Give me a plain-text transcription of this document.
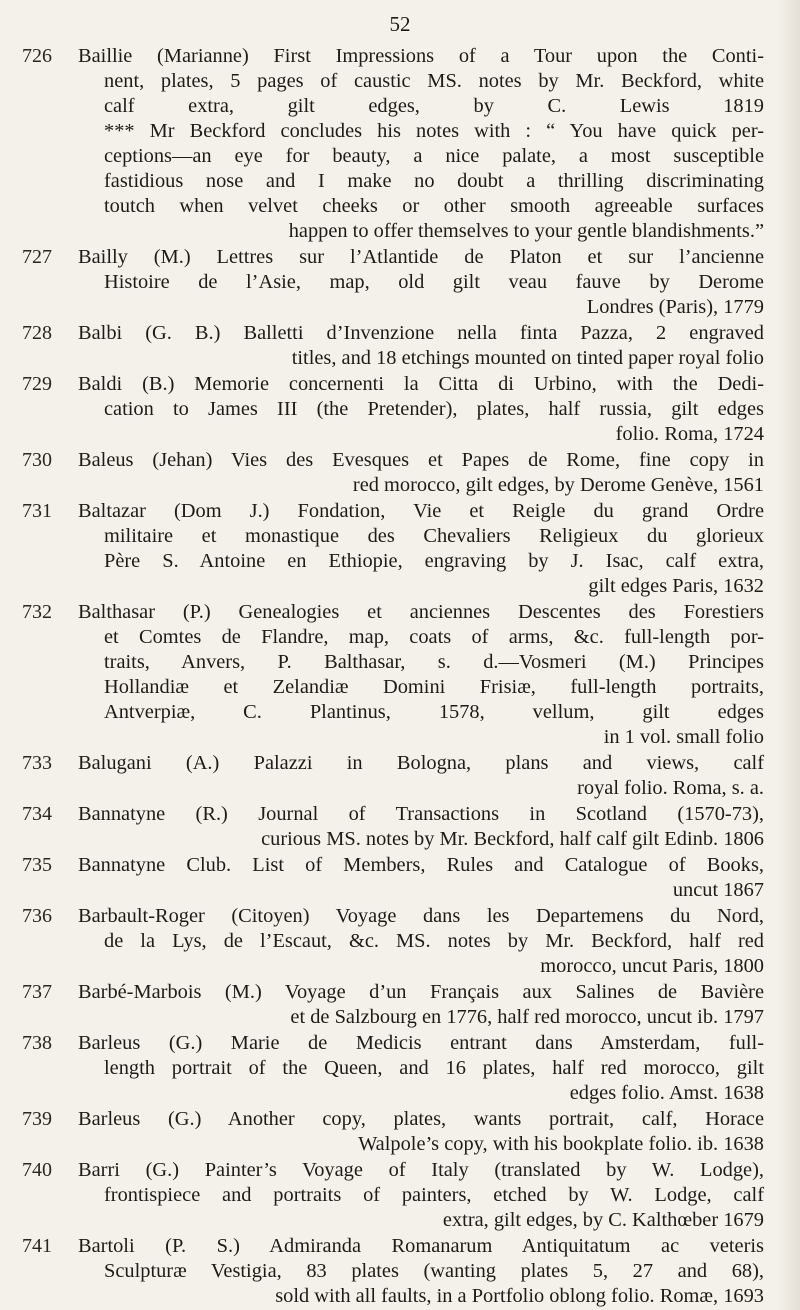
52
726	Baillie (Marianne) First Impressions of a Tour upon the Conti-
nent, plates, 5 pages of caustic MS. notes by Mr. Beckford, white
calf extra, gilt edges, by C. Lewis 1819
*** Mr Beckford concludes his notes with : “ You have quick per-
ceptions—an eye for beauty, a nice palate, a most susceptible
fastidious nose and I make no doubt a thrilling discriminating
toutch when velvet cheeks or other smooth agreeable surfaces
happen to offer themselves to your gentle blandishments.”
727	Bailly (M.) Lettres sur l’Atlantide de Platon et sur l’ancienne
Histoire de l’Asie, map, old gilt veau fauve by Derome
Londres (Paris), 1779
728	Balbi (G. B.) Balletti d’Invenzione nella finta Pazza, 2 engraved
titles, and 18 etchings mounted on tinted paper royal folio
729	Baldi (B.) Memorie concernenti la Citta di Urbino, with the Dedi-
cation to James III (the Pretender), plates, half russia, gilt edges
folio. Roma, 1724
730	Baleus (Jehan) Vies des Evesques et Papes de Rome, fine copy in
red morocco, gilt edges, by Derome Genève, 1561
731	Baltazar (Dom J.) Fondation, Vie et Reigle du grand Ordre
militaire et monastique des Chevaliers Religieux du glorieux
Père S. Antoine en Ethiopie, engraving by J. Isac, calf extra,
gilt edges Paris, 1632
732	Balthasar (P.) Genealogies et anciennes Descentes des Forestiers
et Comtes de Flandre, map, coats of arms, &c. full-length por-
traits, Anvers, P. Balthasar, s. d.—Vosmeri (M.) Principes
Hollandiæ et Zelandiæ Domini Frisiæ, full-length portraits,
Antverpiæ, C. Plantinus, 1578, vellum, gilt edges
in 1 vol. small folio
733	Balugani (A.) Palazzi in Bologna, plans and views, calf
royal folio. Roma, s. a.
734	Bannatyne (R.) Journal of Transactions in Scotland (1570-73),
curious MS. notes by Mr. Beckford, half calf gilt Edinb. 1806
735	Bannatyne Club. List of Members, Rules and Catalogue of Books,
uncut 1867
736	Barbault-Roger (Citoyen) Voyage dans les Departemens du Nord,
de la Lys, de l’Escaut, &c. MS. notes by Mr. Beckford, half red
morocco, uncut Paris, 1800
737	Barbé-Marbois (M.) Voyage d’un Français aux Salines de Bavière
et de Salzbourg en 1776, half red morocco, uncut ib. 1797
738	Barleus (G.) Marie de Medicis entrant dans Amsterdam, full-
length portrait of the Queen, and 16 plates, half red morocco, gilt
edges folio. Amst. 1638
739	Barleus (G.) Another copy, plates, wants portrait, calf, Horace
Walpole’s copy, with his bookplate folio. ib. 1638
740	Barri (G.) Painter’s Voyage of Italy (translated by W. Lodge),
frontispiece and portraits of painters, etched by W. Lodge, calf
extra, gilt edges, by C. Kalthœber 1679
741	Bartoli (P. S.) Admiranda Romanarum Antiquitatum ac veteris
Sculpturæ Vestigia, 83 plates (wanting plates 5, 27 and 68),
sold with all faults, in a Portfolio oblong folio. Romæ, 1693
